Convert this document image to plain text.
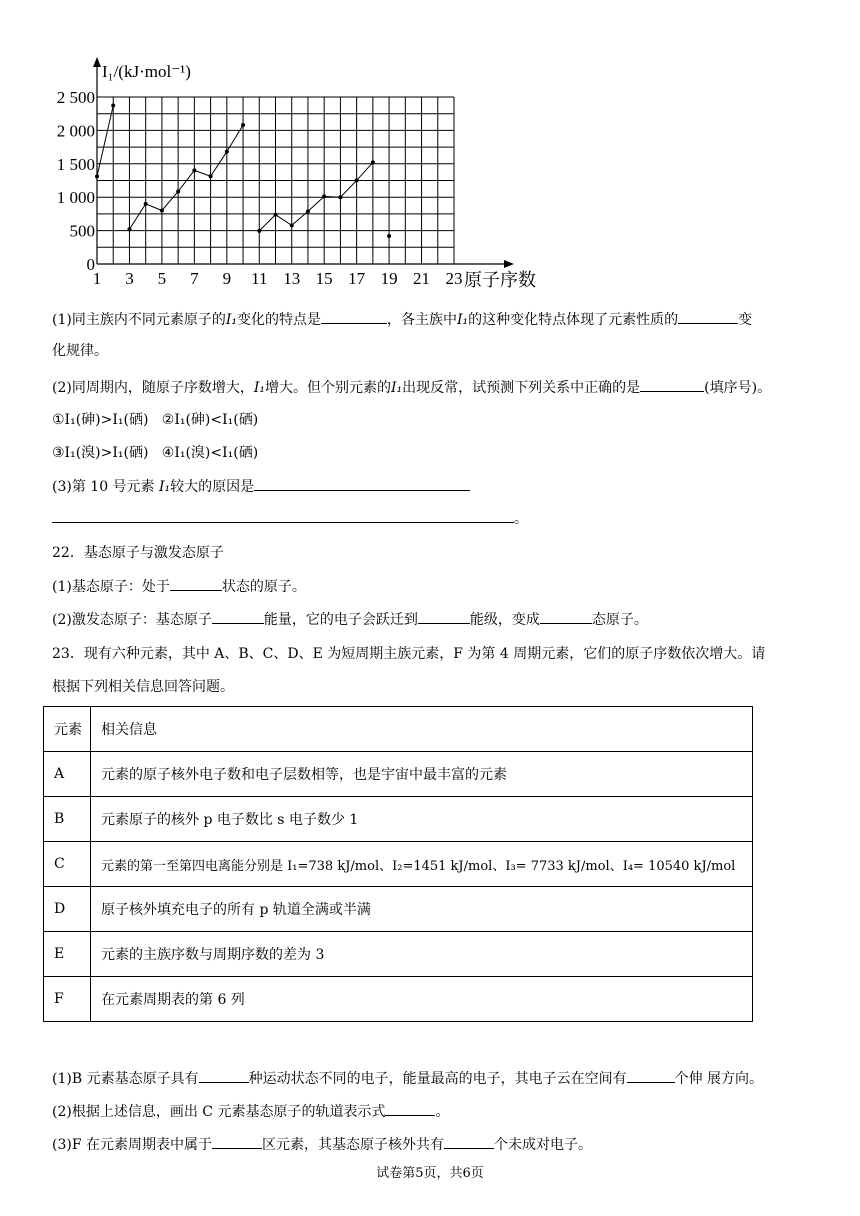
1 3 5 7 9 11 13 15 17 19 21 23
0
500
1 000
1 500
2 000
2 500
I₁/(kJ·mol⁻¹)
原子序数
(1)同主族内不同元素原子的I₁变化的特点是	，各主族中I₁的这种变化特点体现了元素性质的	变
化规律。
(2)同周期内，随原子序数增大，I₁增大。但个别元素的I₁出现反常，试预测下列关系中正确的是	(填序号)。
①I₁(砷)>I₁(硒) ②I₁(砷)<I₁(硒)
③I₁(溴)>I₁(硒) ④I₁(溴)<I₁(硒)
(3)第 10 号元素 I₁较大的原因是
。
22．基态原子与激发态原子
(1)基态原子：处于	状态的原子。
(2)激发态原子：基态原子	能量，它的电子会跃迁到	能级，变成	态原子。
23．现有六种元素，其中 A、B、C、D、E 为短周期主族元素，F 为第 4 周期元素，它们的原子序数依次增大。请
根据下列相关信息回答问题。
元素	相关信息
A	元素的原子核外电子数和电子层数相等，也是宇宙中最丰富的元素
B	元素原子的核外 p 电子数比 s 电子数少 1
C	元素的第一至第四电离能分别是 I₁=738 kJ/mol、I₂=1451 kJ/mol、I₃= 7733 kJ/mol、I₄= 10540 kJ/mol
D	原子核外填充电子的所有 p 轨道全满或半满
E	元素的主族序数与周期序数的差为 3
F	在元素周期表的第 6 列
(1)B 元素基态原子具有	种运动状态不同的电子，能量最高的电子，其电子云在空间有	个伸 展方向。
(2)根据上述信息，画出 C 元素基态原子的轨道表示式	。
(3)F 在元素周期表中属于	区元素，其基态原子核外共有	个未成对电子。
试卷第5页，共6页
